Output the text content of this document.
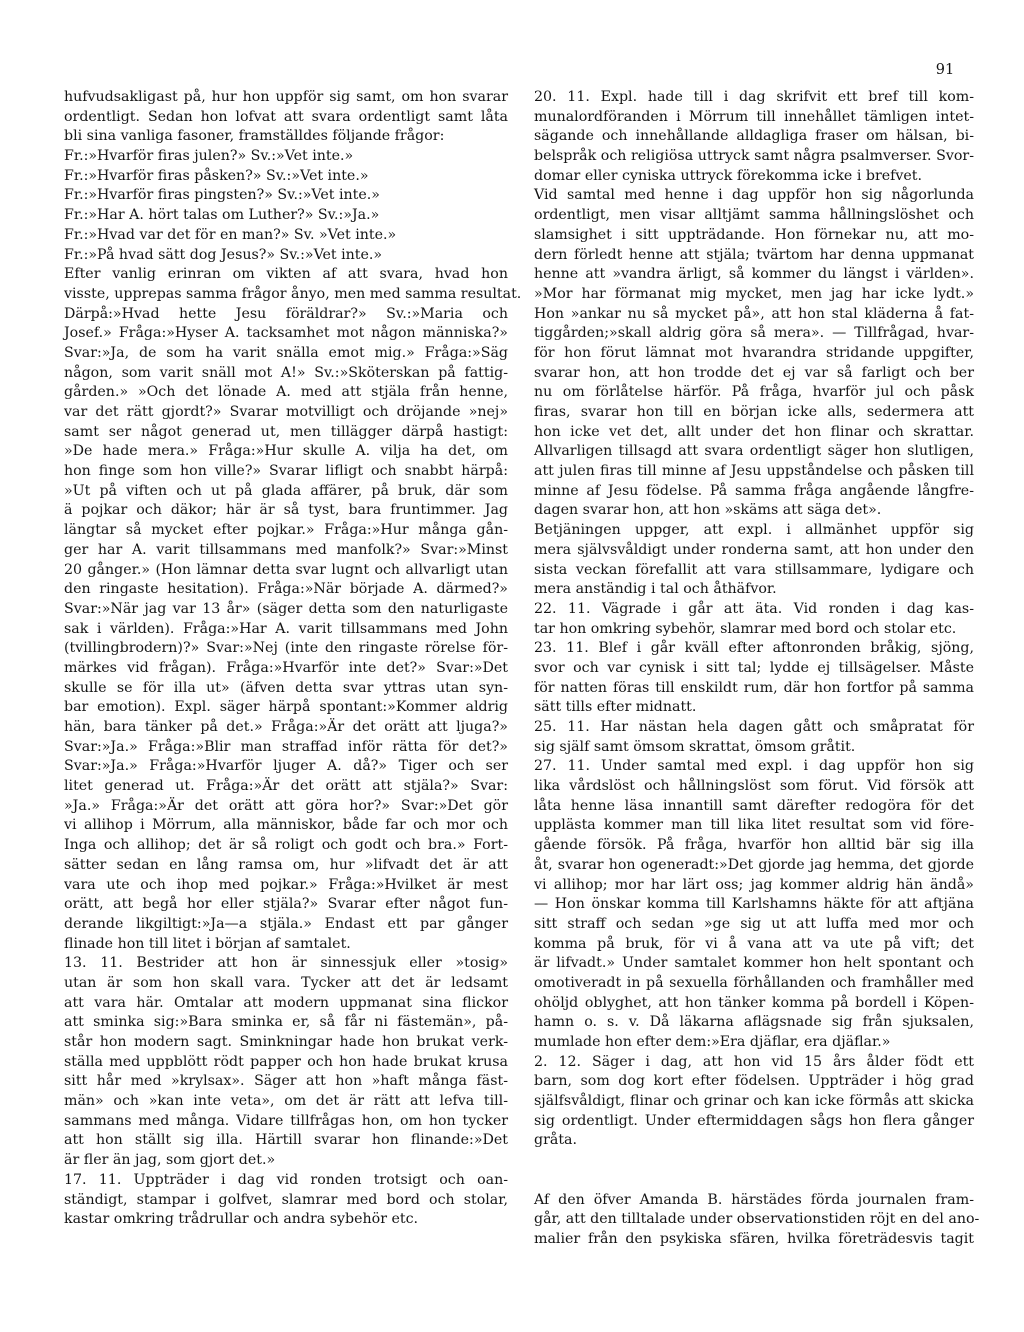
91
hufvudsakligast på, hur hon uppför sig samt, om hon svarar
ordentligt. Sedan hon lofvat att svara ordentligt samt låta
bli sina vanliga fasoner, framställdes följande frågor:
Fr.:»Hvarför firas julen?» Sv.:»Vet inte.»
Fr.:»Hvarför firas påsken?» Sv.:»Vet inte.»
Fr.:»Hvarför firas pingsten?» Sv.:»Vet inte.»
Fr.:»Har A. hört talas om Luther?» Sv.:»Ja.»
Fr.:»Hvad var det för en man?» Sv. »Vet inte.»
Fr.:»På hvad sätt dog Jesus?» Sv.:»Vet inte.»
Efter vanlig erinran om vikten af att svara, hvad hon
visste, upprepas samma frågor ånyo, men med samma resultat.
Därpå:»Hvad hette Jesu föräldrar?» Sv.:»Maria och
Josef.» Fråga:»Hyser A. tacksamhet mot någon människa?»
Svar:»Ja, de som ha varit snälla emot mig.» Fråga:»Säg
någon, som varit snäll mot A!» Sv.:»Sköterskan på fattig-
gården.» »Och det lönade A. med att stjäla från henne,
var det rätt gjordt?» Svarar motvilligt och dröjande »nej»
samt ser något generad ut, men tillägger därpå hastigt:
»De hade mera.» Fråga:»Hur skulle A. vilja ha det, om
hon finge som hon ville?» Svarar lifligt och snabbt härpå:
»Ut på viften och ut på glada affärer, på bruk, där som
ä pojkar och däkor; här är så tyst, bara fruntimmer. Jag
längtar så mycket efter pojkar.» Fråga:»Hur många gån-
ger har A. varit tillsammans med manfolk?» Svar:»Minst
20 gånger.» (Hon lämnar detta svar lugnt och allvarligt utan
den ringaste hesitation). Fråga:»När började A. därmed?»
Svar:»När jag var 13 år» (säger detta som den naturligaste
sak i världen). Fråga:»Har A. varit tillsammans med John
(tvillingbrodern)?» Svar:»Nej (inte den ringaste rörelse för-
märkes vid frågan). Fråga:»Hvarför inte det?» Svar:»Det
skulle se för illa ut» (äfven detta svar yttras utan syn-
bar emotion). Expl. säger härpå spontant:»Kommer aldrig
hän, bara tänker på det.» Fråga:»Är det orätt att ljuga?»
Svar:»Ja.» Fråga:»Blir man straffad inför rätta för det?»
Svar:»Ja.» Fråga:»Hvarför ljuger A. då?» Tiger och ser
litet generad ut. Fråga:»Är det orätt att stjäla?» Svar:
»Ja.» Fråga:»Är det orätt att göra hor?» Svar:»Det gör
vi allihop i Mörrum, alla människor, både far och mor och
Inga och allihop; det är så roligt och godt och bra.» Fort-
sätter sedan en lång ramsa om, hur »lifvadt det är att
vara ute och ihop med pojkar.» Fråga:»Hvilket är mest
orätt, att begå hor eller stjäla?» Svarar efter något fun-
derande likgiltigt:»Ja—a stjäla.» Endast ett par gånger
flinade hon till litet i början af samtalet.
13. 11. Bestrider att hon är sinnessjuk eller »tosig»
utan är som hon skall vara. Tycker att det är ledsamt
att vara här. Omtalar att modern uppmanat sina flickor
att sminka sig:»Bara sminka er, så får ni fästemän», på-
står hon modern sagt. Sminkningar hade hon brukat verk-
ställa med uppblött rödt papper och hon hade brukat krusa
sitt hår med »krylsax». Säger att hon »haft många fäst-
män» och »kan inte veta», om det är rätt att lefva till-
sammans med många. Vidare tillfrågas hon, om hon tycker
att hon ställt sig illa. Härtill svarar hon flinande:»Det
är fler än jag, som gjort det.»
17. 11. Uppträder i dag vid ronden trotsigt och oan-
ständigt, stampar i golfvet, slamrar med bord och stolar,
kastar omkring trådrullar och andra sybehör etc.
20. 11. Expl. hade till i dag skrifvit ett bref till kom-
munalordföranden i Mörrum till innehållet tämligen intet-
sägande och innehållande alldagliga fraser om hälsan, bi-
belspråk och religiösa uttryck samt några psalmverser. Svor-
domar eller cyniska uttryck förekomma icke i brefvet.
Vid samtal med henne i dag uppför hon sig någorlunda
ordentligt, men visar alltjämt samma hållningslöshet och
slamsighet i sitt uppträdande. Hon förnekar nu, att mo-
dern förledt henne att stjäla; tvärtom har denna uppmanat
henne att »vandra ärligt, så kommer du längst i världen».
»Mor har förmanat mig mycket, men jag har icke lydt.»
Hon »ankar nu så mycket på», att hon stal kläderna å fat-
tiggården;»skall aldrig göra så mera». — Tillfrågad, hvar-
för hon förut lämnat mot hvarandra stridande uppgifter,
svarar hon, att hon trodde det ej var så farligt och ber
nu om förlåtelse härför. På fråga, hvarför jul och påsk
firas, svarar hon till en början icke alls, sedermera att
hon icke vet det, allt under det hon flinar och skrattar.
Allvarligen tillsagd att svara ordentligt säger hon slutligen,
att julen firas till minne af Jesu uppståndelse och påsken till
minne af Jesu födelse. På samma fråga angående långfre-
dagen svarar hon, att hon »skäms att säga det».
Betjäningen uppger, att expl. i allmänhet uppför sig
mera självsvåldigt under ronderna samt, att hon under den
sista veckan förefallit att vara stillsammare, lydigare och
mera anständig i tal och åthäfvor.
22. 11. Vägrade i går att äta. Vid ronden i dag kas-
tar hon omkring sybehör, slamrar med bord och stolar etc.
23. 11. Blef i går kväll efter aftonronden bråkig, sjöng,
svor och var cynisk i sitt tal; lydde ej tillsägelser. Måste
för natten föras till enskildt rum, där hon fortfor på samma
sätt tills efter midnatt.
25. 11. Har nästan hela dagen gått och småpratat för
sig själf samt ömsom skrattat, ömsom gråtit.
27. 11. Under samtal med expl. i dag uppför hon sig
lika vårdslöst och hållningslöst som förut. Vid försök att
låta henne läsa innantill samt därefter redogöra för det
upplästa kommer man till lika litet resultat som vid före-
gående försök. På fråga, hvarför hon alltid bär sig illa
åt, svarar hon ogeneradt:»Det gjorde jag hemma, det gjorde
vi allihop; mor har lärt oss; jag kommer aldrig hän ändå»
— Hon önskar komma till Karlshamns häkte för att aftjäna
sitt straff och sedan »ge sig ut att luffa med mor och
komma på bruk, för vi å vana att va ute på vift; det
är lifvadt.» Under samtalet kommer hon helt spontant och
omotiveradt in på sexuella förhållanden och framhåller med
ohöljd oblyghet, att hon tänker komma på bordell i Köpen-
hamn o. s. v. Då läkarna aflägsnade sig från sjuksalen,
mumlade hon efter dem:»Era djäflar, era djäflar.»
2. 12. Säger i dag, att hon vid 15 års ålder födt ett
barn, som dog kort efter födelsen. Uppträder i hög grad
själfsvåldigt, flinar och grinar och kan icke förmås att skicka
sig ordentligt. Under eftermiddagen sågs hon flera gånger
gråta.
Af den öfver Amanda B. härstädes förda journalen fram-
går, att den tilltalade under observationstiden röjt en del ano-
malier från den psykiska sfären, hvilka företrädesvis tagit
